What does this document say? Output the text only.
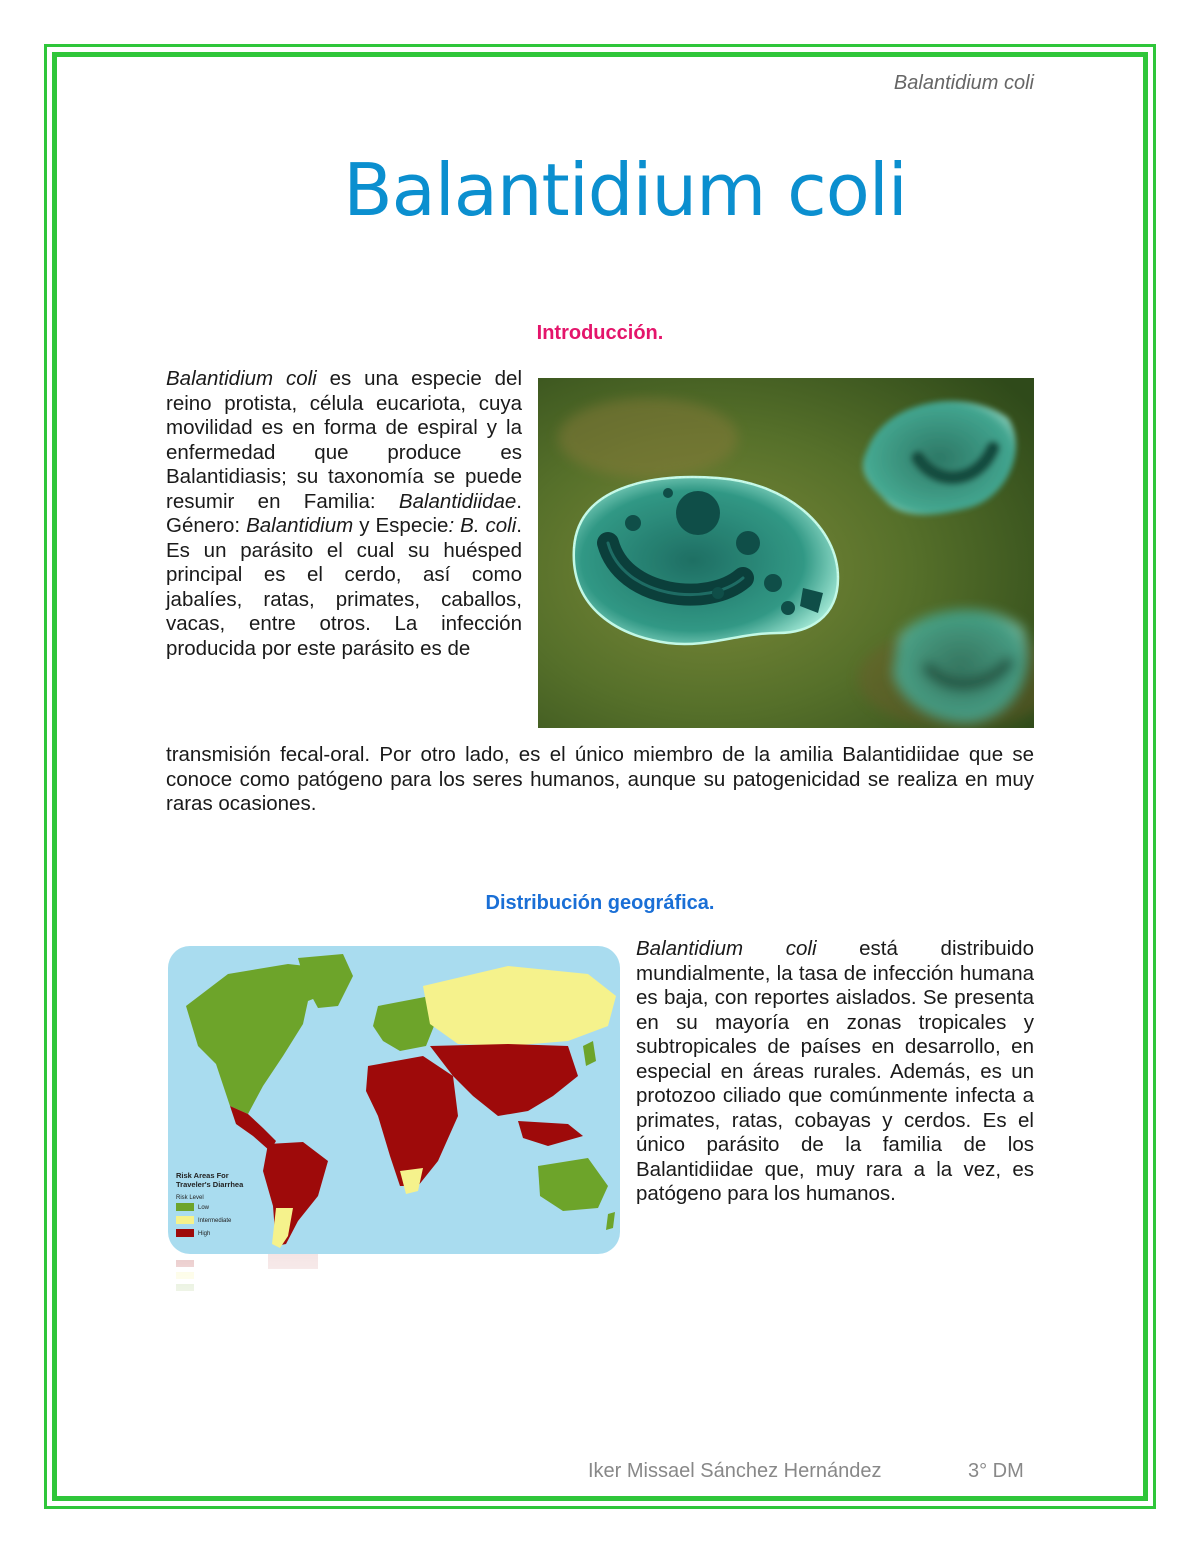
Balantidium coli
Balantidium coli
Introducción.
Balantidium coli es una especie del reino protista, célula eucariota, cuya movilidad es en forma de espiral y la enfermedad que produce es Balantidiasis; su taxonomía se puede resumir en Familia: Balantidiidae. Género: Balantidium y Especie: B. coli. Es un parásito el cual su huésped principal es el cerdo, así como jabalíes, ratas, primates, caballos, vacas, entre otros. La infección producida por este parásito es de
transmisión fecal-oral. Por otro lado, es el único miembro de la amilia Balantidiidae que se conoce como patógeno para los seres humanos, aunque su patogenicidad se realiza en muy raras ocasiones.
Distribución geográfica.
Risk Areas For
Traveler's Diarrhea
Risk Level
Low
Intermediate
High
Balantidium coli está distribuido mundialmente, la tasa de infección humana es baja, con reportes aislados. Se presenta en su mayoría en zonas tropicales y subtropicales de países en desarrollo, en especial en áreas rurales. Además, es un protozoo ciliado que comúnmente infecta a primates, ratas, cobayas y cerdos. Es el único parásito de la familia de los Balantidiidae que, muy rara a la vez, es patógeno para los humanos.
Iker Missael Sánchez Hernández	3° DM
